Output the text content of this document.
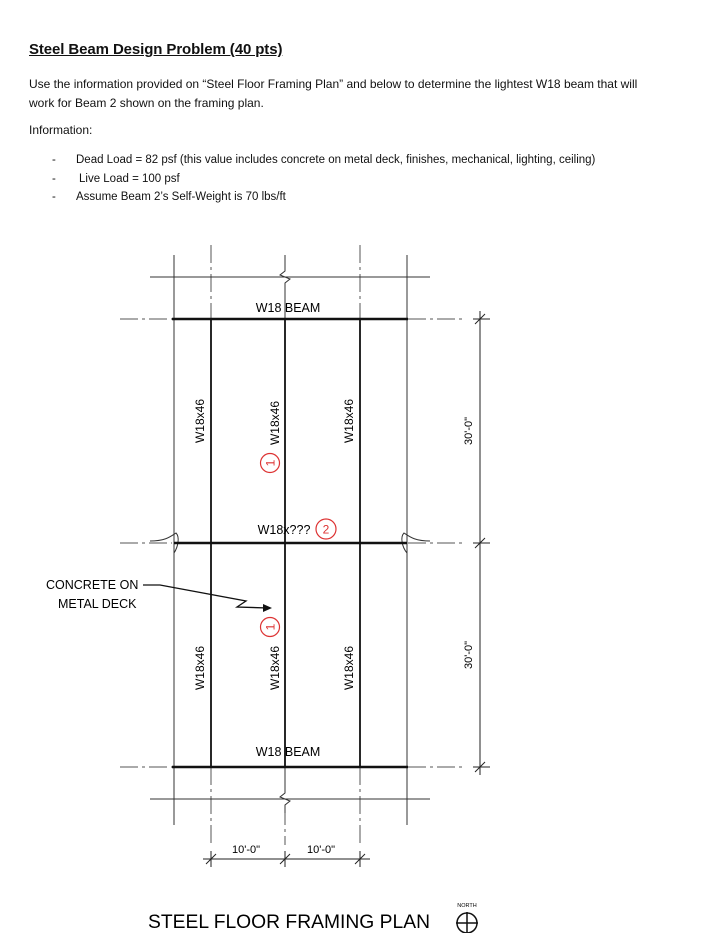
Steel Beam Design Problem (40 pts)
Use the information provided on “Steel Floor Framing Plan” and below to determine the lightest W18 beam that will work for Beam 2 shown on the framing plan.
Information:
- Dead Load = 82 psf (this value includes concrete on metal deck, finishes, mechanical, lighting, ceiling)
- Live Load = 100 psf
- Assume Beam 2’s Self-Weight is 70 lbs/ft
W18 BEAM
W18 BEAM
W18x??? 2
W18x46
W18x46
W18x46
W18x46
W18x46
W18x46
1
1
CONCRETE ON
METAL DECK
30'-0"
30'-0"
10'-0"	10'-0"
STEEL FLOOR FRAMING PLAN
NORTH
